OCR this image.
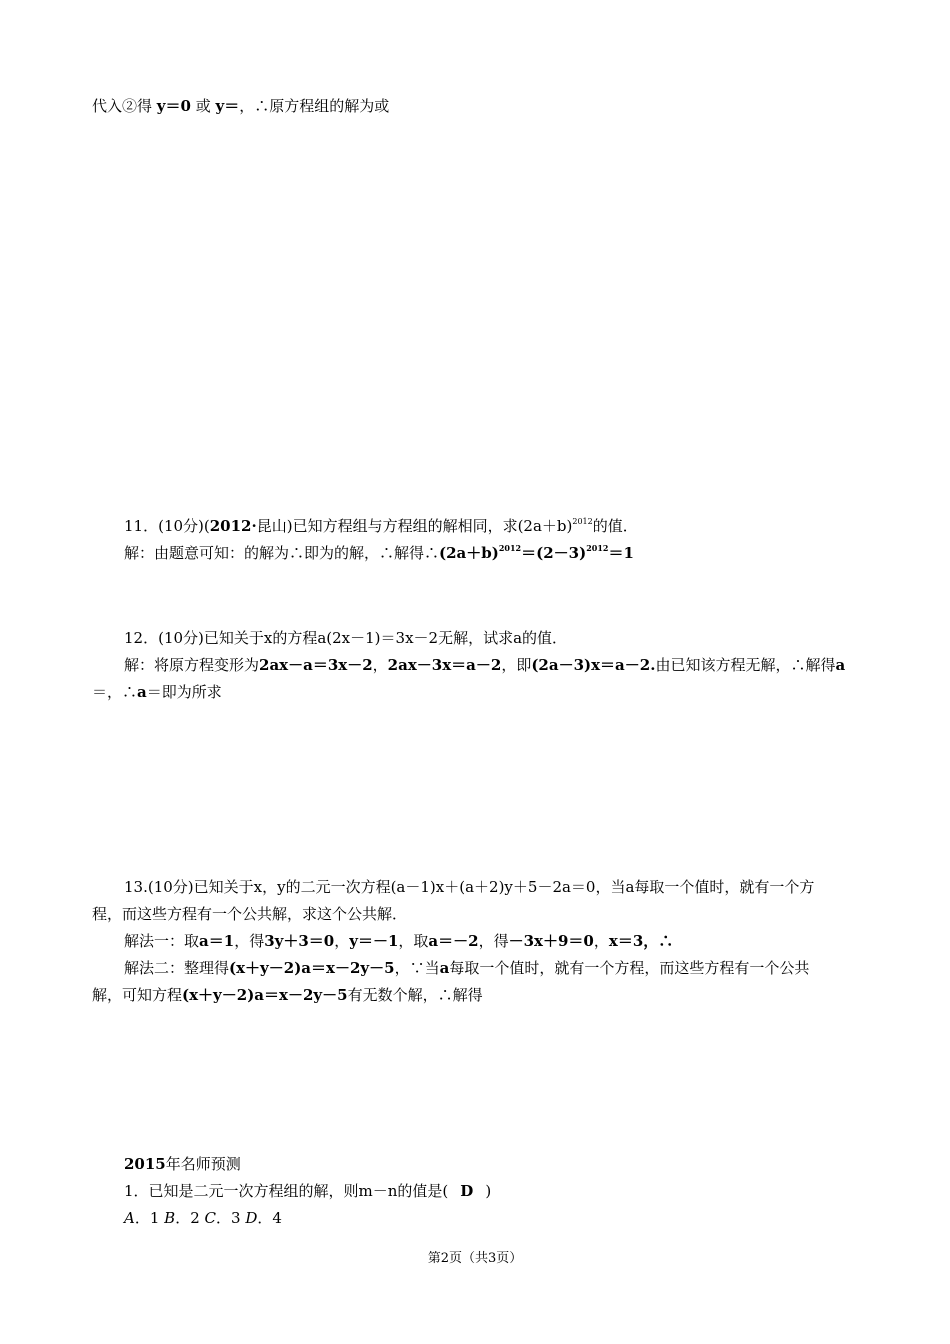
代入②得 y＝0 或 y＝，∴原方程组的解为或
11．(10分)(2012·昆山)已知方程组与方程组的解相同，求$(2a+b)^{2012}$的值．
解：由题意可知：的解为∴即为的解，∴解得$\therefore(2a+b)^{2012}=(2-3)^{2012}=1$
12．(10分)已知关于x的方程a(2x－1)＝3x－2无解，试求a的值．
解：将原方程变形为2ax－a＝3x－2，2ax－3x＝a－2，即(2a－3)x＝a－2.由已知该方程无解，∴解得a
＝，∴a＝即为所求
13.(10分)已知关于x，y的二元一次方程(a－1)x＋(a＋2)y＋5－2a＝0，当a每取一个值时，就有一个方
程，而这些方程有一个公共解，求这个公共解．
解法一：取a＝1，得3y＋3＝0，y＝－1，取a＝－2，得－3x＋9＝0，x＝3，∴
解法二：整理得(x＋y－2)a＝x－2y－5，∵当a每取一个值时，就有一个方程，而这些方程有一个公共
解，可知方程(x＋y－2)a＝x－2y－5有无数个解，∴解得
2015年名师预测
1．已知是二元一次方程组的解，则m－n的值是( D )
A．1 B．2 C．3 D．4
第2页（共3页）
